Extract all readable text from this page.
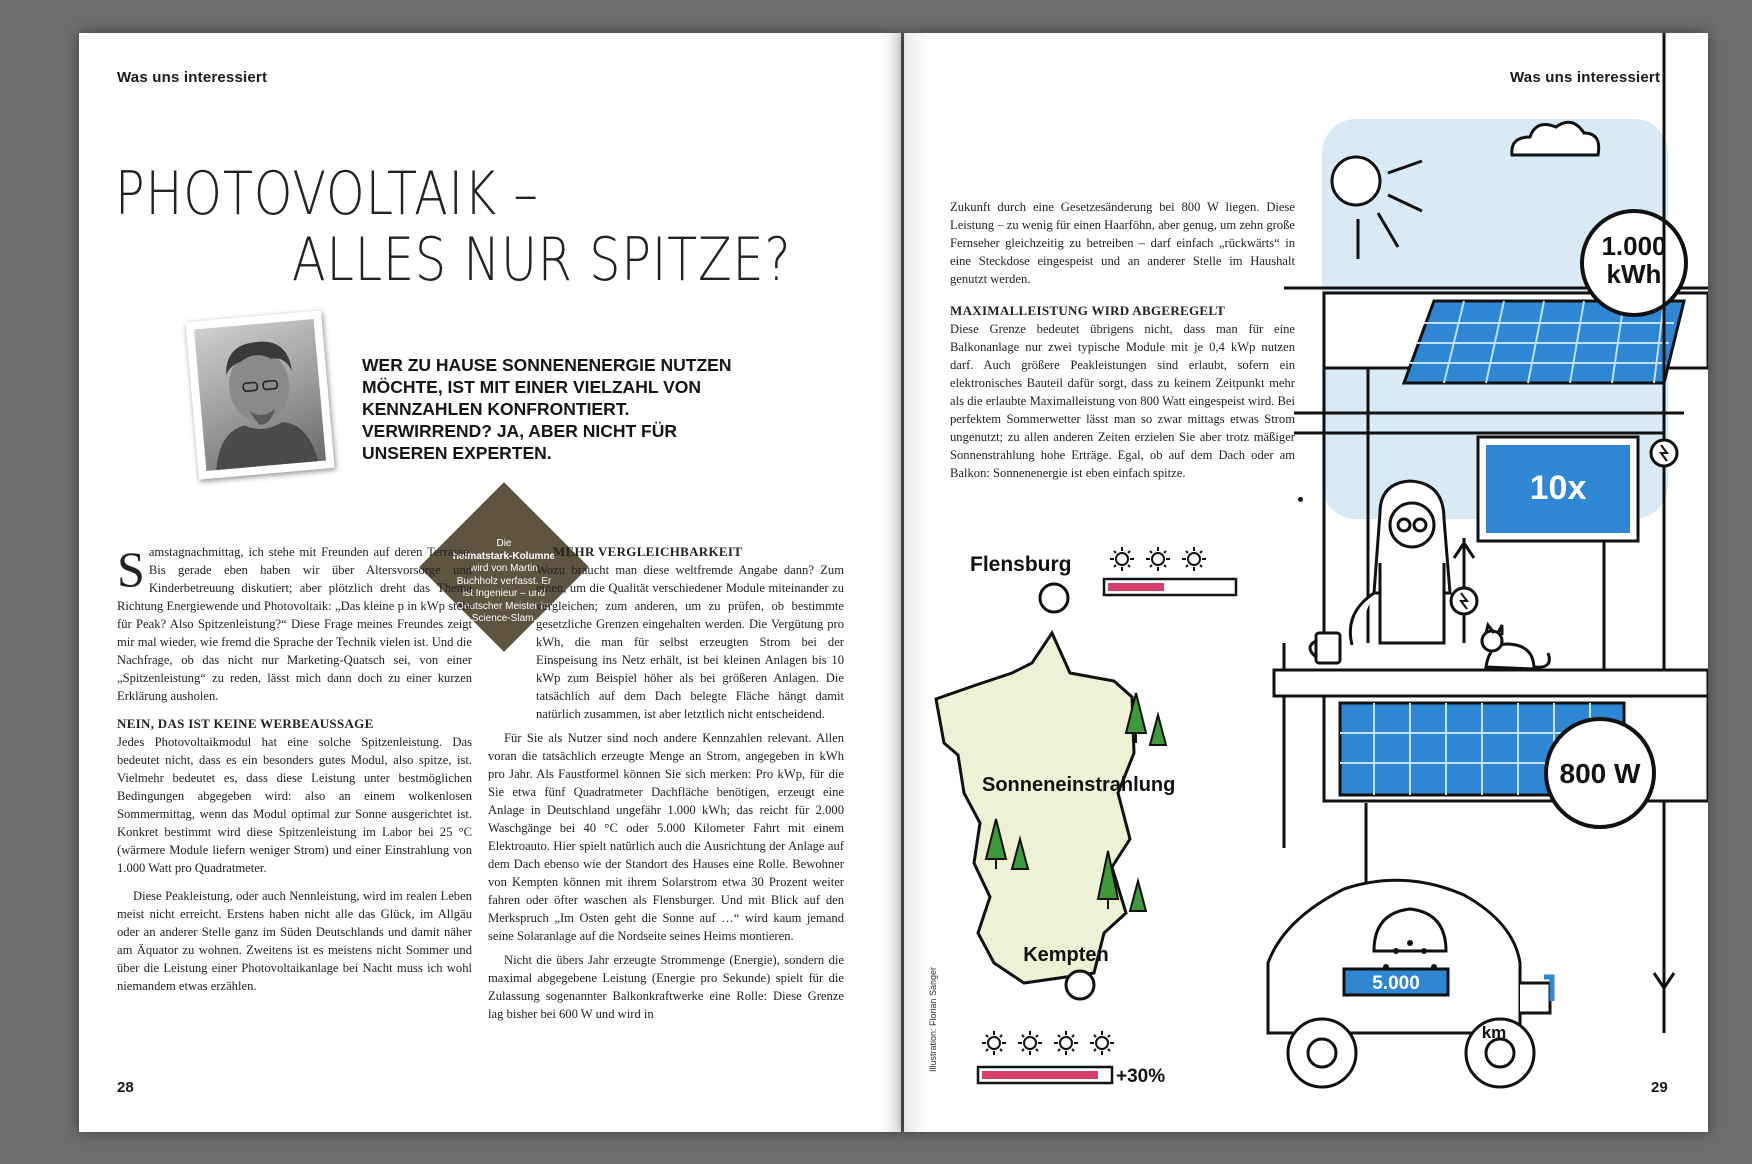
Was uns interessiert	Was uns interessiert
PHOTOVOLTAIK –
ALLES NUR SPITZE?
WER ZU HAUSE SONNENENERGIE NUTZEN MÖCHTE, IST MIT EINER VIELZAHL VON KENNZAHLEN KONFRONTIERT. VERWIRREND? JA, ABER NICHT FÜR UNSEREN EXPERTEN.
Die
heimatstark-Kolumne
wird von Martin Buchholz verfasst. Er ist Ingenieur – und Deutscher Meister im Science-Slam.

Samstagnachmittag, ich stehe mit Freunden auf deren Terrasse. Bis gerade eben haben wir über Altersvorsorge und Kinderbetreuung diskutiert; aber plötzlich dreht das Thema Richtung Energiewende und Photovoltaik: „Das kleine p in kWp steht für Peak? Also Spitzenleistung?“ Diese Frage meines Freundes zeigt mir mal wieder, wie fremd die Sprache der Technik vielen ist. Und die Nachfrage, ob das nicht nur Marketing-Quatsch sei, von einer „Spitzenleistung“ zu reden, lässt mich dann doch zu einer kurzen Erklärung ausholen.

NEIN, DAS IST KEINE WERBEAUSSAGE

Jedes Photovoltaikmodul hat eine solche Spitzenleistung. Das bedeutet nicht, dass es ein besonders gutes Modul, also spitze, ist. Vielmehr bedeutet es, dass diese Leistung unter bestmöglichen Bedingungen abgegeben wird: also an einem wolkenlosen Sommermittag, wenn das Modul optimal zur Sonne ausgerichtet ist. Konkret bestimmt wird diese Spitzenleistung im Labor bei 25 °C (wärmere Module liefern weniger Strom) und einer Einstrahlung von 1.000 Watt pro Quadratmeter.

Diese Peakleistung, oder auch Nennleistung, wird im realen Leben meist nicht erreicht. Erstens haben nicht alle das Glück, im Allgäu oder an anderer Stelle ganz im Süden Deutschlands und damit näher am Äquator zu wohnen. Zweitens ist es meistens nicht Sommer und über die Leistung einer Photovoltaikanlage bei Nacht muss ich wohl niemandem etwas erzählen.

MEHR VERGLEICHBARKEIT

Wozu braucht man diese weltfremde Angabe dann? Zum einen, um die Qualität verschiedener Module miteinander zu vergleichen; zum anderen, um zu prüfen, ob bestimmte gesetzliche Grenzen eingehalten werden. Die Vergütung pro kWh, die man für selbst erzeugten Strom bei der Einspeisung ins Netz erhält, ist bei kleinen Anlagen bis 10 kWp zum Beispiel höher als bei größeren Anlagen. Die tatsächlich auf dem Dach belegte Fläche hängt damit natürlich zusammen, ist aber letztlich nicht entscheidend.

Für Sie als Nutzer sind noch andere Kennzahlen relevant. Allen voran die tatsächlich erzeugte Menge an Strom, angegeben in kWh pro Jahr. Als Faustformel können Sie sich merken: Pro kWp, für die Sie etwa fünf Quadratmeter Dachfläche benötigen, erzeugt eine Anlage in Deutschland ungefähr 1.000 kWh; das reicht für 2.000 Waschgänge bei 40 °C oder 5.000 Kilometer Fahrt mit einem Elektroauto. Hier spielt natürlich auch die Ausrichtung der Anlage auf dem Dach ebenso wie der Standort des Hauses eine Rolle. Bewohner von Kempten können mit ihrem Solarstrom etwa 30 Prozent weiter fahren oder öfter waschen als Flensburger. Und mit Blick auf den Merkspruch „Im Osten geht die Sonne auf …“ wird kaum jemand seine Solaranlage auf die Nordseite seines Heims montieren.

Nicht die übers Jahr erzeugte Strommenge (Energie), sondern die maximal abgegebene Leistung (Energie pro Sekunde) spielt für die Zulassung sogenannter Balkonkraftwerke eine Rolle: Diese Grenze lag bisher bei 600 W und wird in

Zukunft durch eine Gesetzesänderung bei 800 W liegen. Diese Leistung – zu wenig für einen Haarföhn, aber genug, um zehn große Fernseher gleichzeitig zu betreiben – darf einfach „rückwärts“ in eine Steckdose eingespeist und an anderer Stelle im Haushalt genutzt werden.

MAXIMALLEISTUNG WIRD ABGEREGELT

Diese Grenze bedeutet übrigens nicht, dass man für eine Balkonanlage nur zwei typische Module mit je 0,4 kWp nutzen darf. Auch größere Peakleistungen sind erlaubt, sofern ein elektronisches Bauteil dafür sorgt, dass zu keinem Zeitpunkt mehr als die erlaubte Maximalleistung von 800 Watt eingespeist wird. Bei perfektem Sommerwetter lässt man so zwar mittags etwas Strom ungenutzt; zu allen anderen Zeiten erzielen Sie aber trotz mäßiger Sonnenstrahlung hohe Erträge. Egal, ob auf dem Dach oder am Balkon: Sonnenenergie ist eben einfach spitze.

28	29
Illustration: Florian Sänger
1.000
kWh
10x
800 W
5.000
km
Flensburg
Sonneneinstrahlung
Kempten
+30%
